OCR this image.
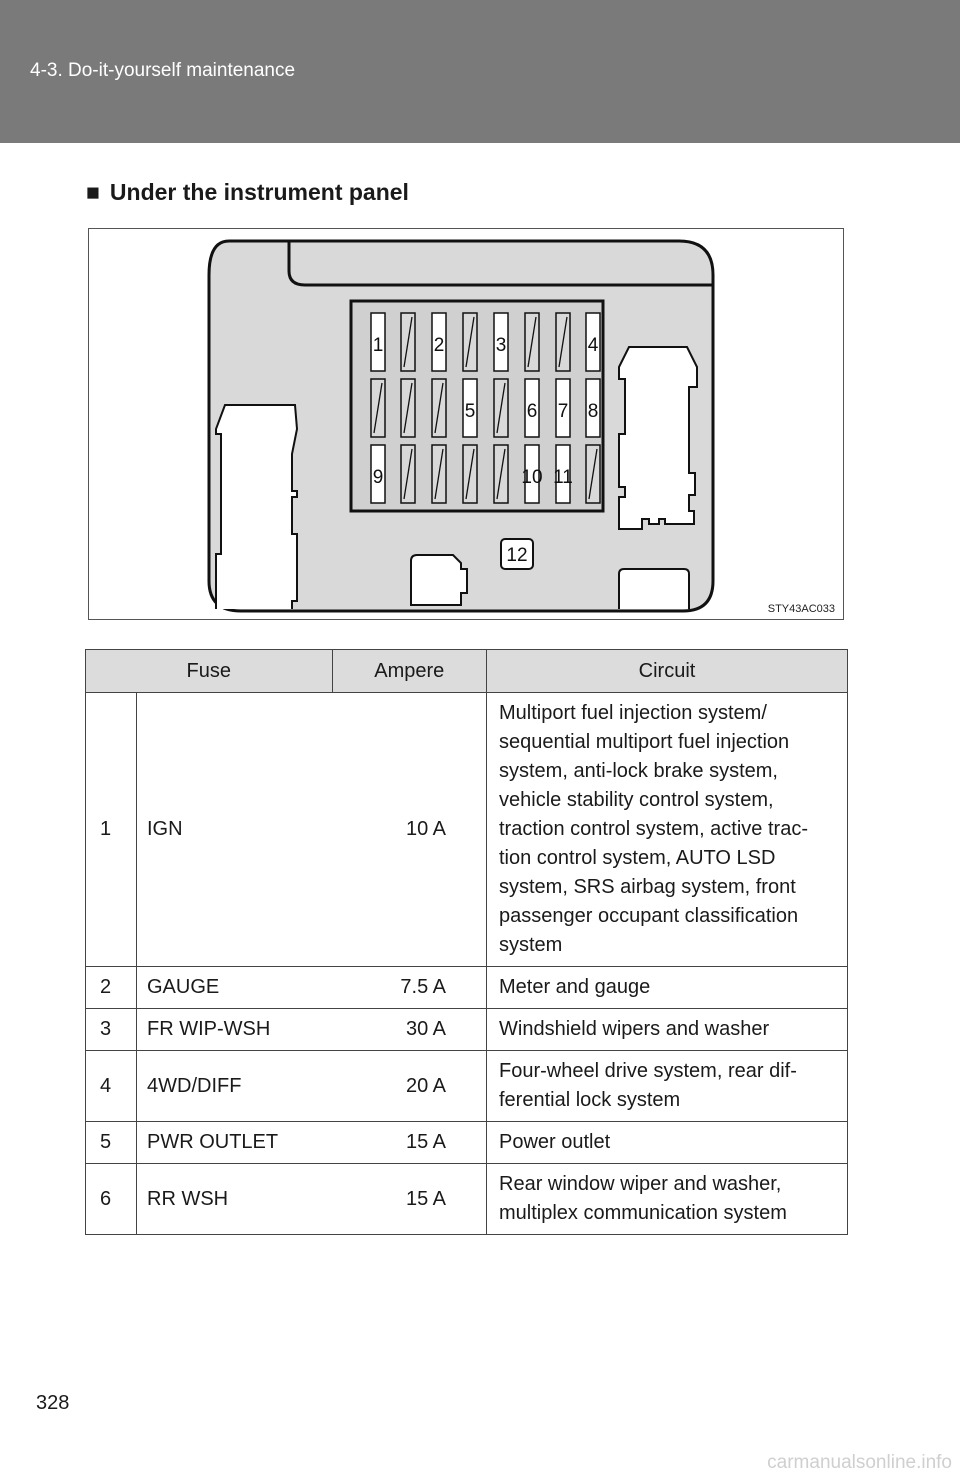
4-3. Do-it-yourself maintenance
■ Under the instrument panel
1	2	3	4
5	6 7 8
9	10 11
12
STY43AC033
Fuse		Ampere	Circuit
1	IGN	10 A	Multiport fuel injection system/ sequential multiport fuel injection system, anti-lock brake system, vehicle stability control system, traction control system, active trac-tion control system, AUTO LSD system, SRS airbag system, front passenger occupant classification system
2	GAUGE	7.5 A	Meter and gauge
3	FR WIP-WSH	30 A	Windshield wipers and washer
4	4WD/DIFF	20 A	Four-wheel drive system, rear dif-ferential lock system
5	PWR OUTLET	15 A	Power outlet
6	RR WSH	15 A	Rear window wiper and washer, multiplex communication system
328
carmanualsonline.info
